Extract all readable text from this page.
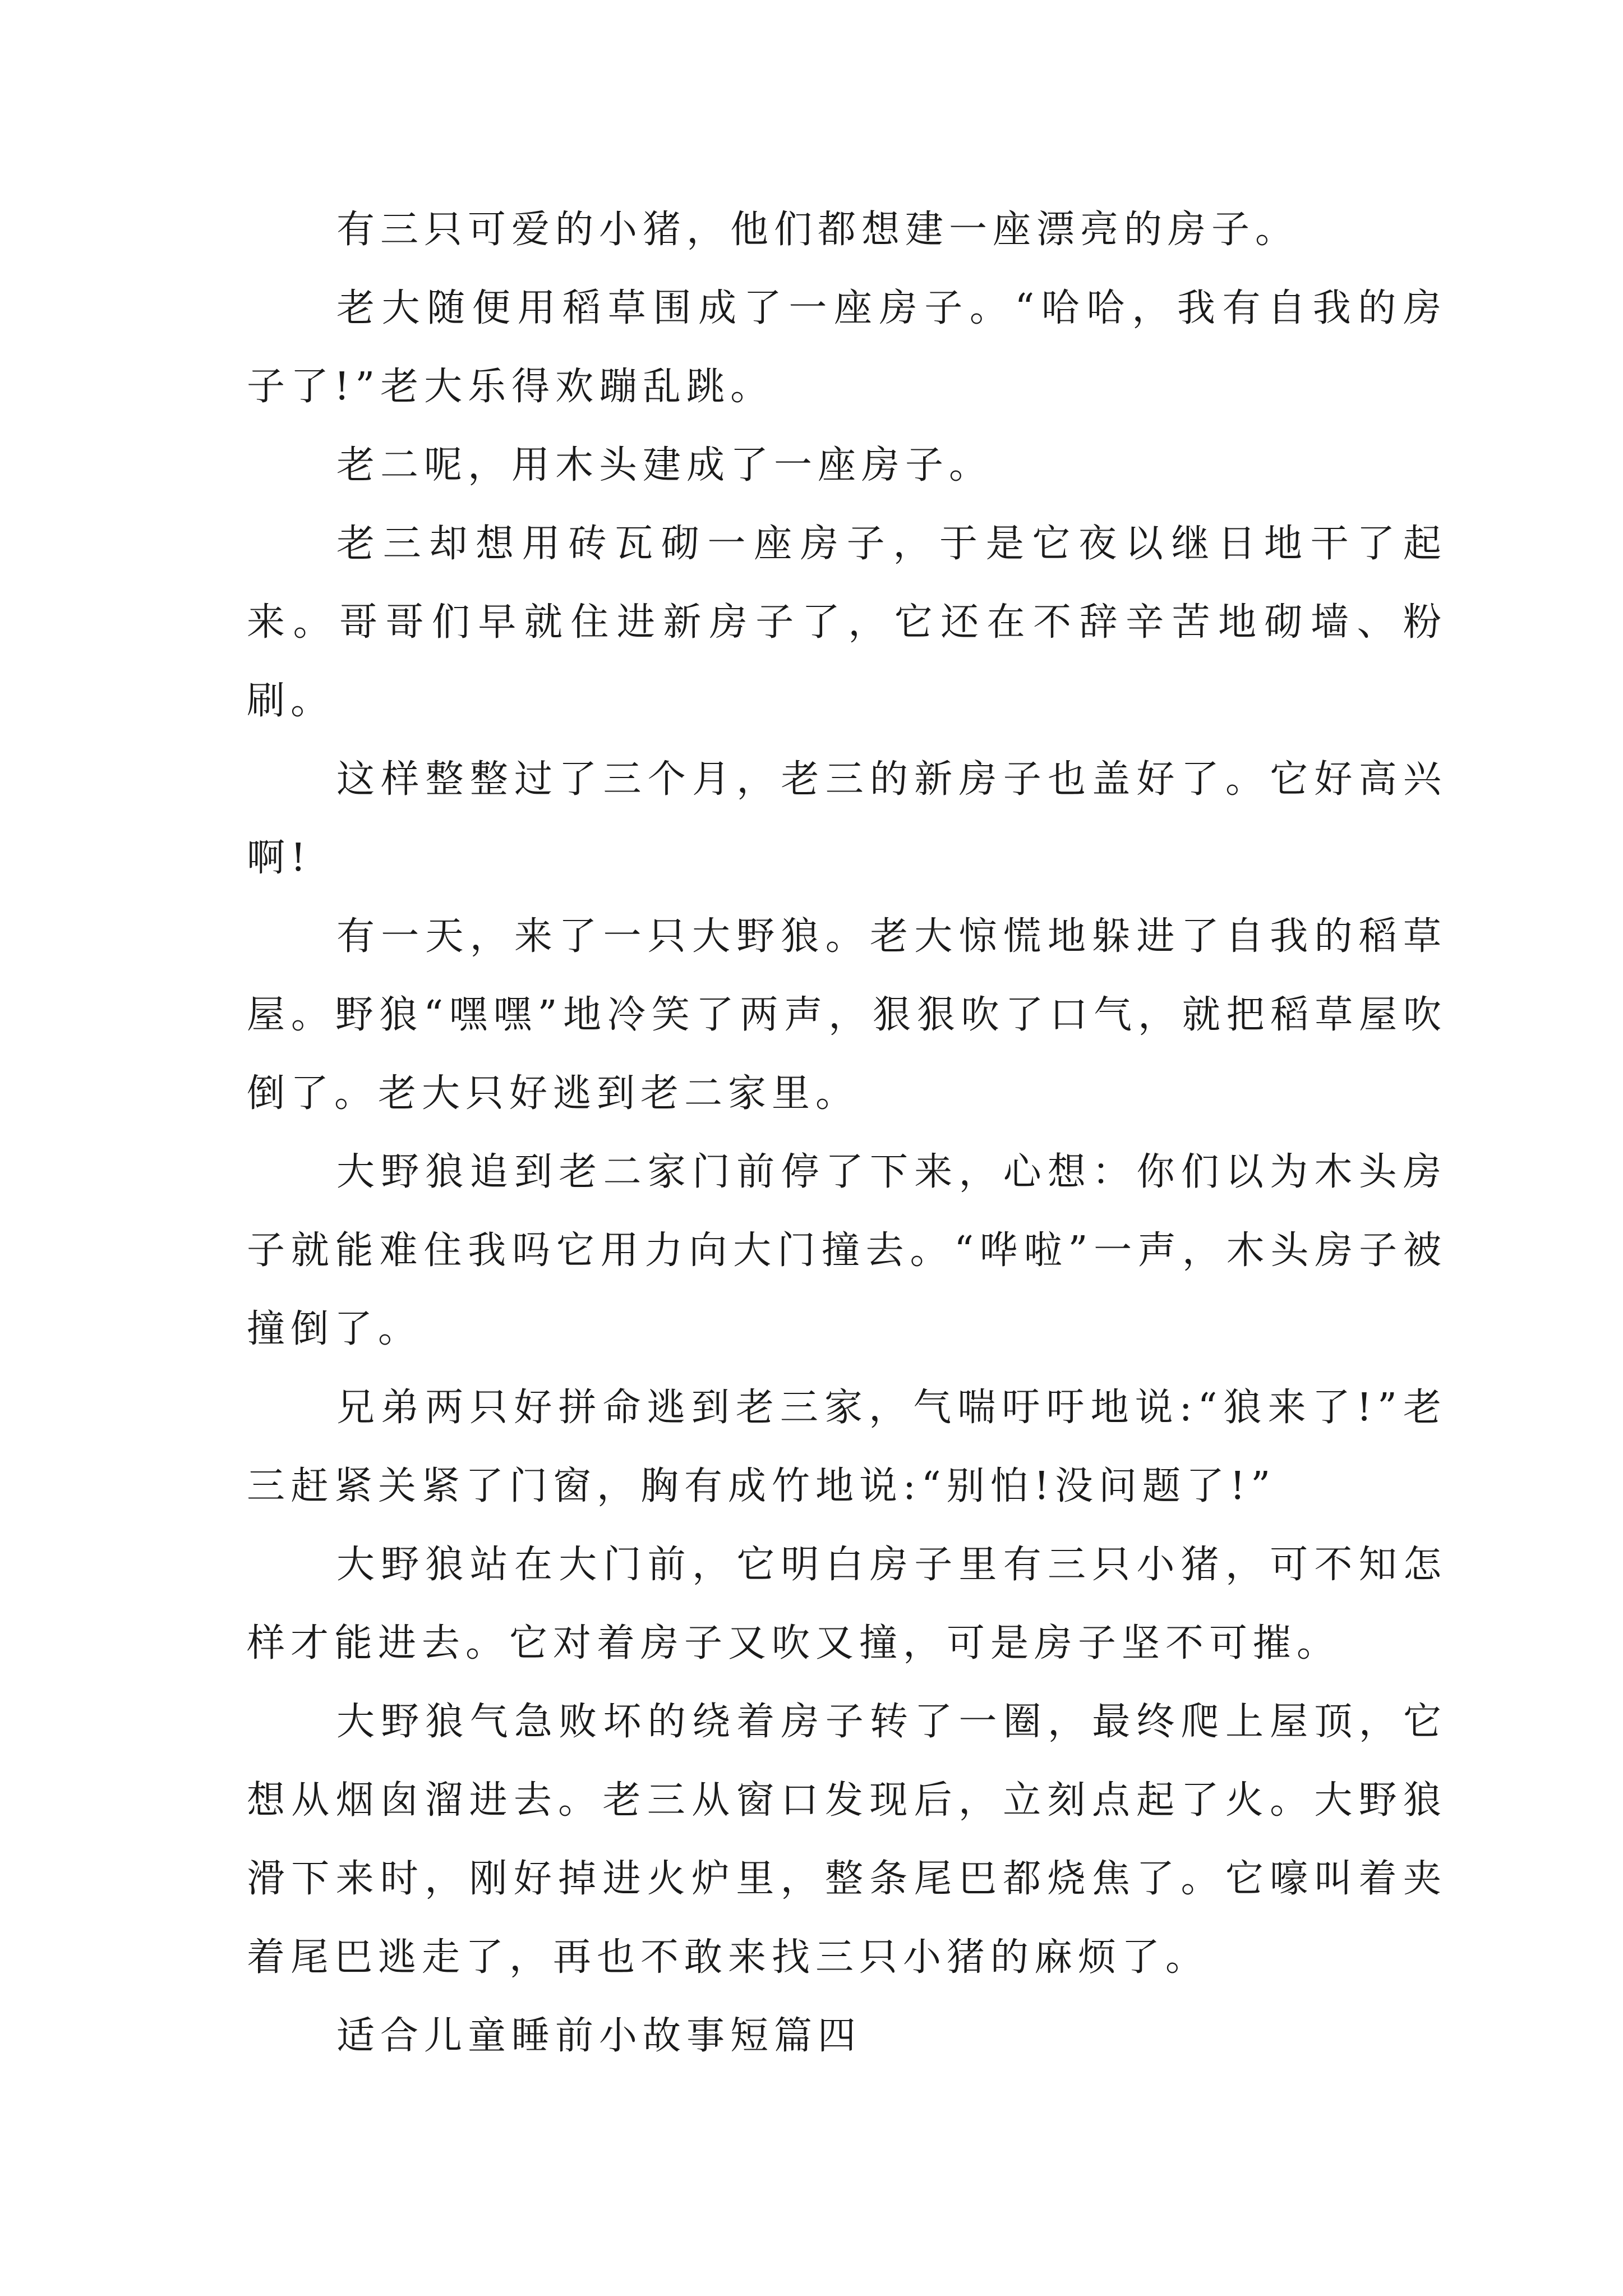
有三只可爱的小猪，他们都想建一座漂亮的房子。

老大随便用稻草围成了一座房子。“哈哈，我有自我的房子了!”老大乐得欢蹦乱跳。

老二呢，用木头建成了一座房子。

老三却想用砖瓦砌一座房子，于是它夜以继日地干了起来。哥哥们早就住进新房子了，它还在不辞辛苦地砌墙、粉刷。

这样整整过了三个月，老三的新房子也盖好了。它好高兴啊!

有一天，来了一只大野狼。老大惊慌地躲进了自我的稻草屋。野狼“嘿嘿”地冷笑了两声，狠狠吹了口气，就把稻草屋吹倒了。老大只好逃到老二家里。

大野狼追到老二家门前停了下来，心想：你们以为木头房子就能难住我吗它用力向大门撞去。“哗啦”一声，木头房子被撞倒了。

兄弟两只好拼命逃到老三家，气喘吁吁地说:“狼来了!”老三赶紧关紧了门窗，胸有成竹地说:“别怕!没问题了!”

大野狼站在大门前，它明白房子里有三只小猪，可不知怎样才能进去。它对着房子又吹又撞，可是房子坚不可摧。

大野狼气急败坏的绕着房子转了一圈，最终爬上屋顶，它想从烟囱溜进去。老三从窗口发现后，立刻点起了火。大野狼滑下来时，刚好掉进火炉里，整条尾巴都烧焦了。它嚎叫着夹着尾巴逃走了，再也不敢来找三只小猪的麻烦了。

适合儿童睡前小故事短篇四
